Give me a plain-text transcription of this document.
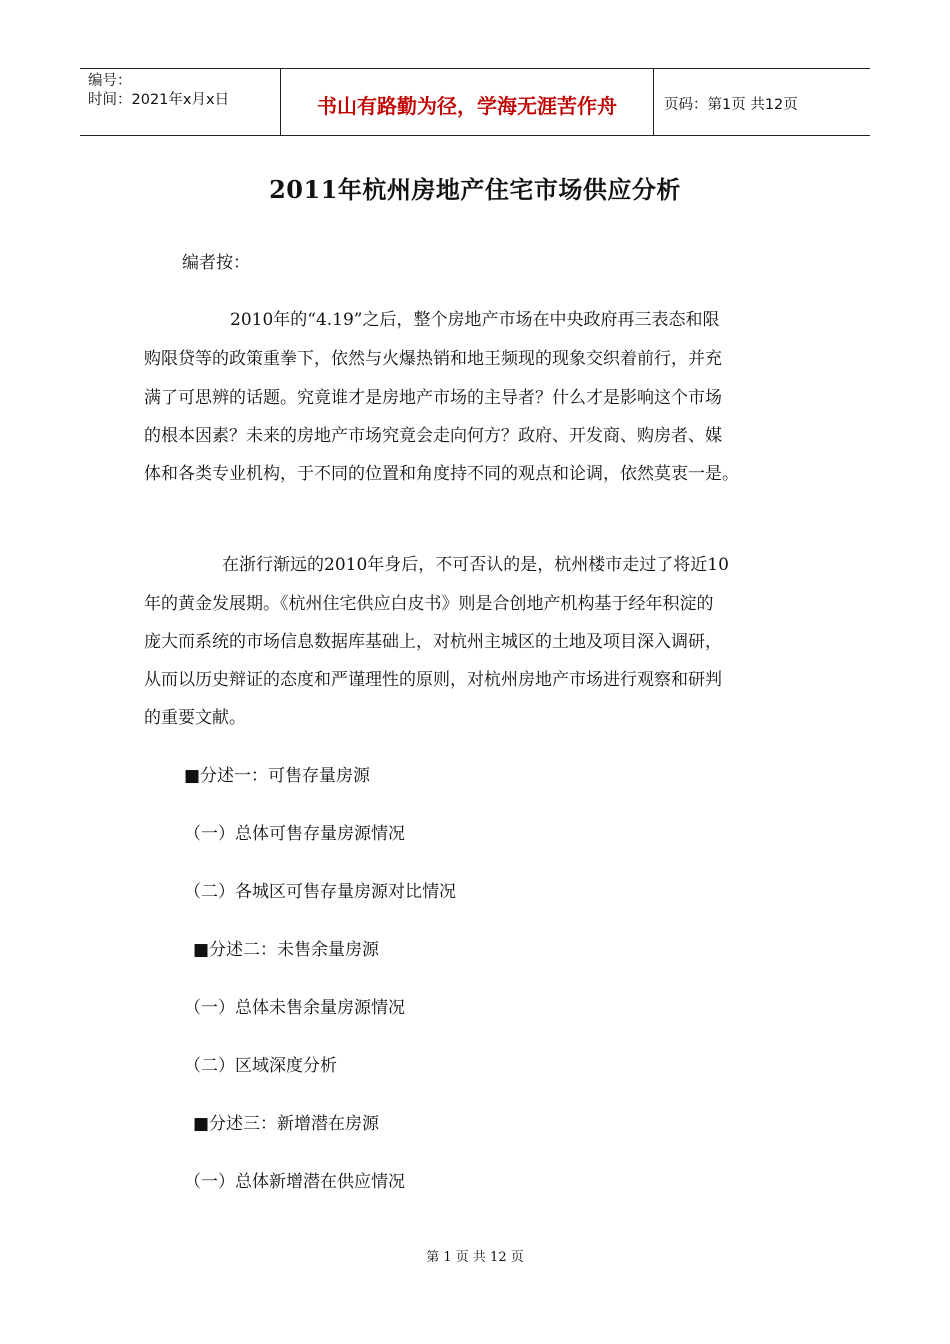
编号：
时间：2021年x月x日	书山有路勤为径，学海无涯苦作舟	页码：第1页 共12页
2011年杭州房地产住宅市场供应分析
编者按：
2010年的“4.19”之后，整个房地产市场在中央政府再三表态和限
购限贷等的政策重拳下，依然与火爆热销和地王频现的现象交织着前行，并充
满了可思辨的话题。究竟谁才是房地产市场的主导者？什么才是影响这个市场
的根本因素？未来的房地产市场究竟会走向何方？政府、开发商、购房者、媒
体和各类专业机构，于不同的位置和角度持不同的观点和论调，依然莫衷一是。
在浙行渐远的2010年身后，不可否认的是，杭州楼市走过了将近10
年的黄金发展期。《杭州住宅供应白皮书》则是合创地产机构基于经年积淀的
庞大而系统的市场信息数据库基础上，对杭州主城区的土地及项目深入调研，
从而以历史辩证的态度和严谨理性的原则，对杭州房地产市场进行观察和研判
的重要文献。
■分述一：可售存量房源
（一）总体可售存量房源情况
（二）各城区可售存量房源对比情况
■分述二：未售余量房源
（一）总体未售余量房源情况
（二）区域深度分析
■分述三：新增潜在房源
（一）总体新增潜在供应情况
第 1 页 共 12 页
